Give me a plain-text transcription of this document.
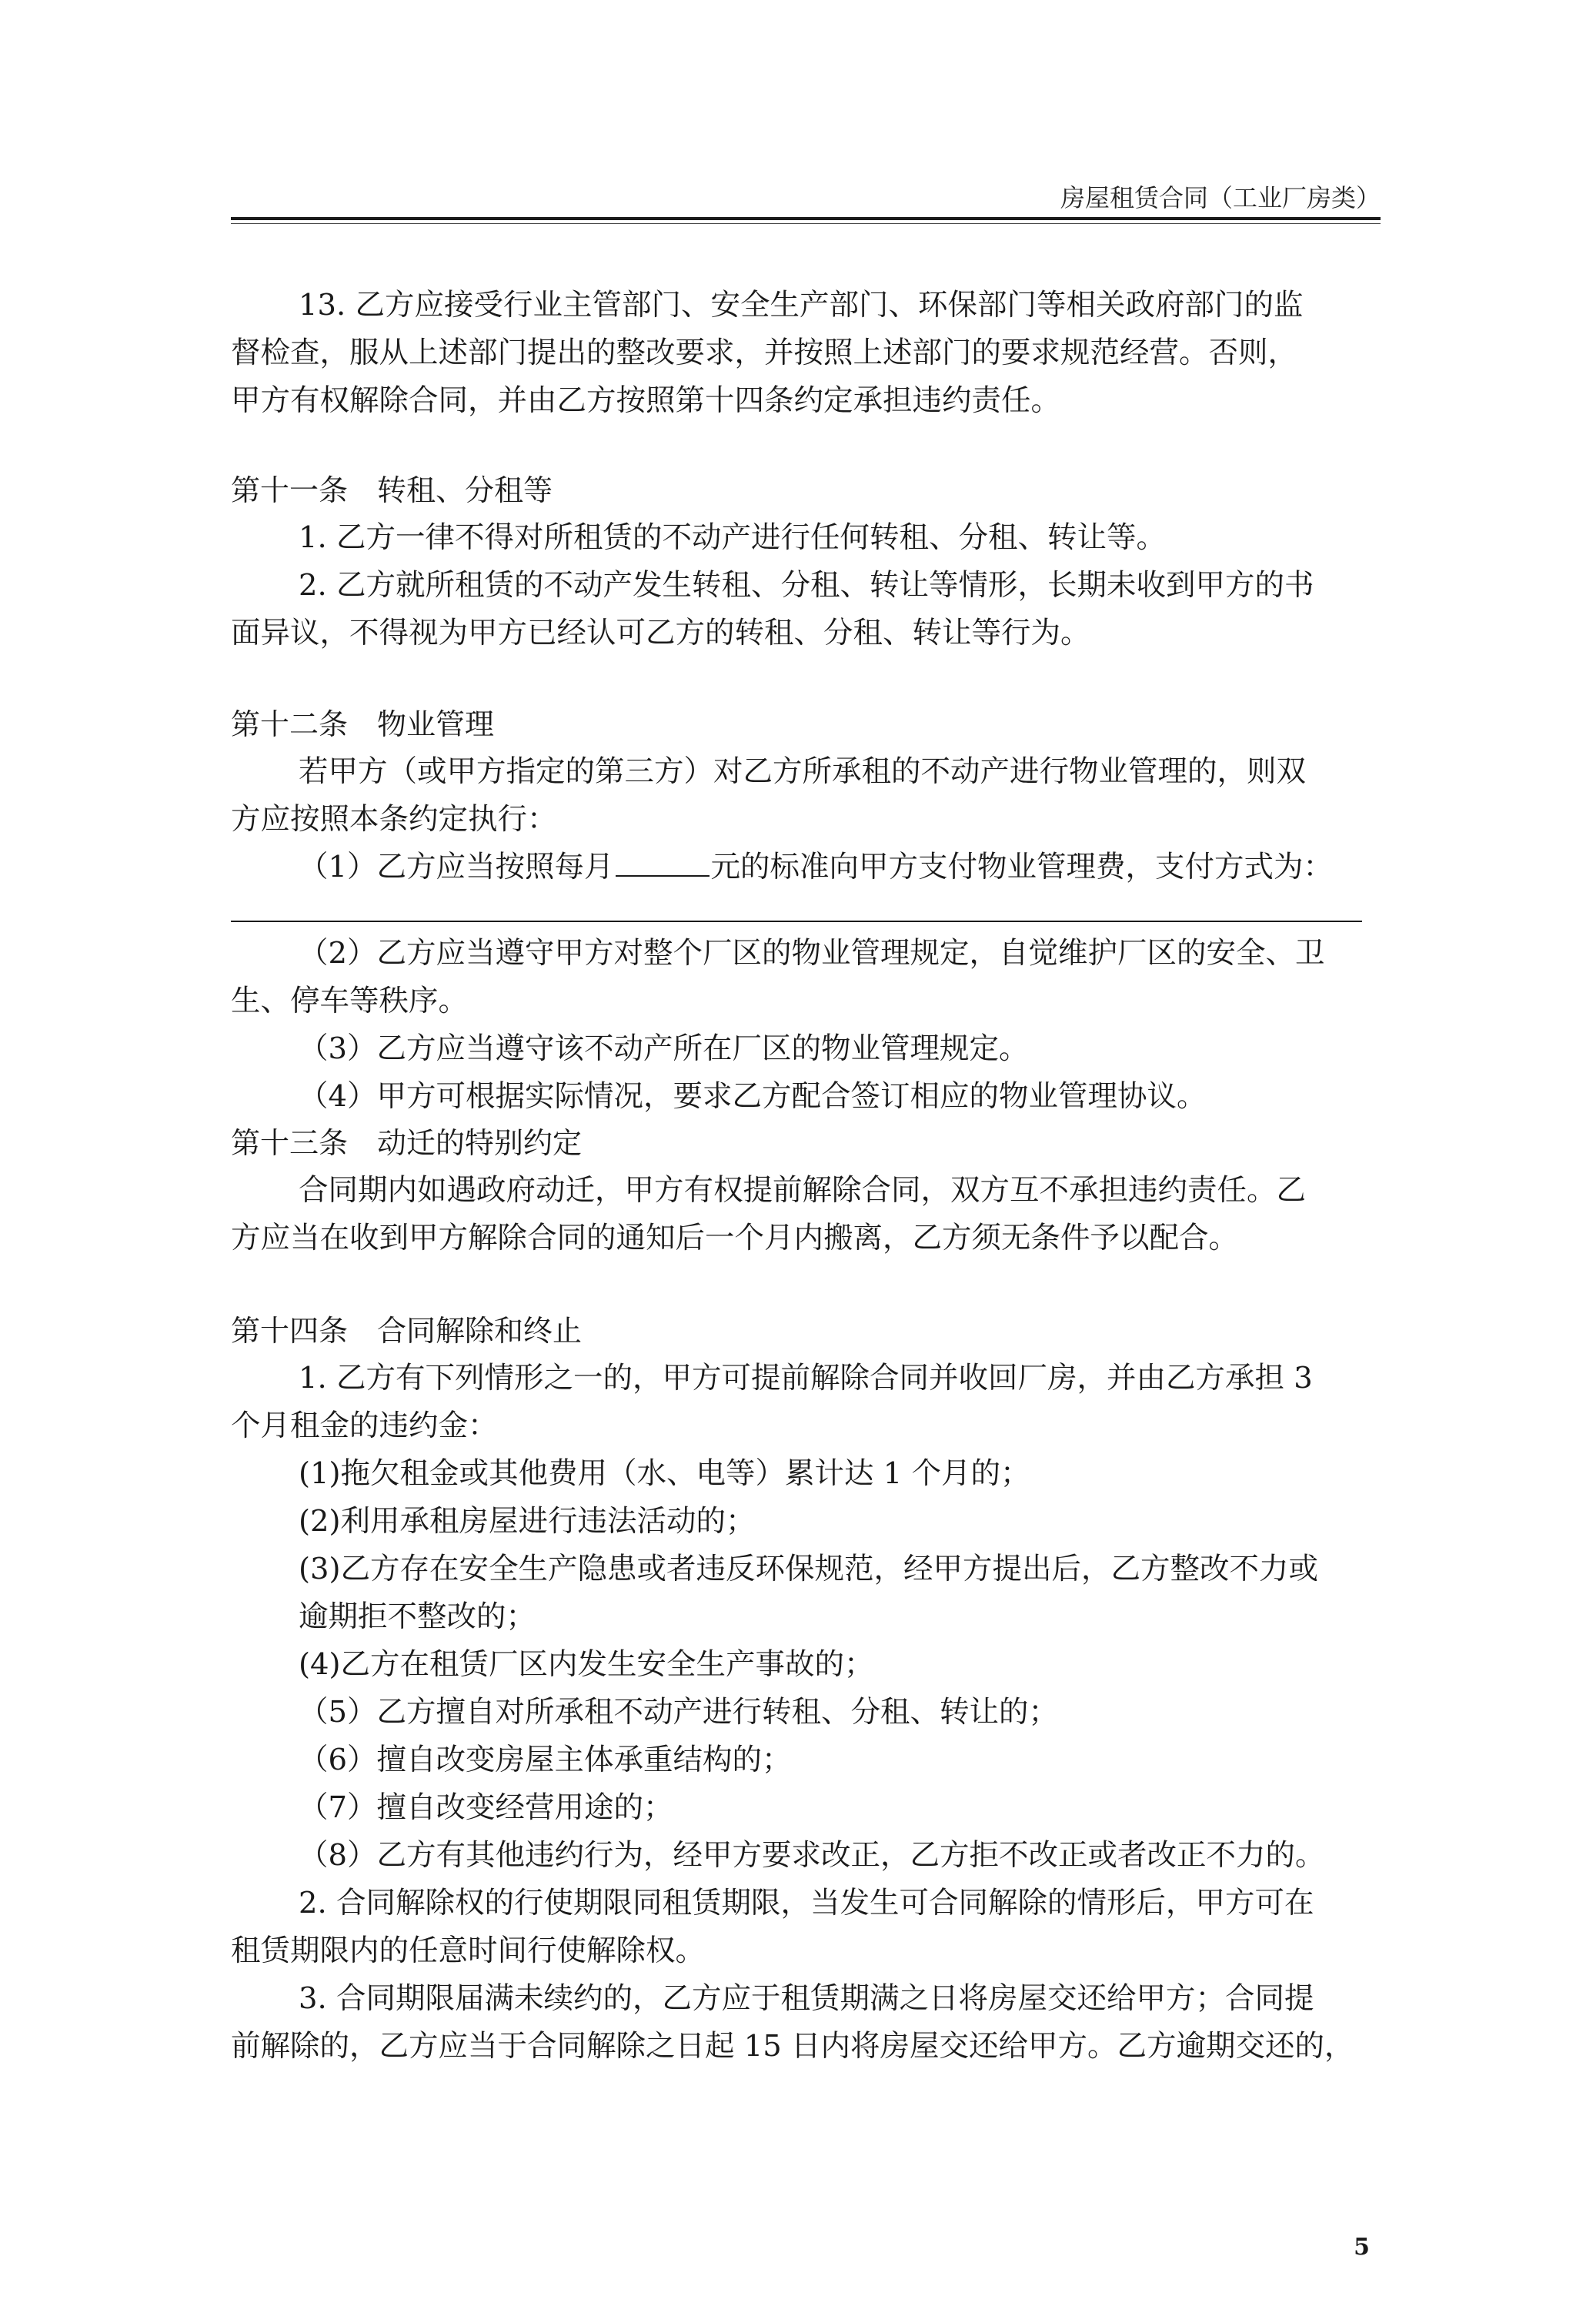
房屋租赁合同（工业厂房类）
13. 乙方应接受行业主管部门、安全生产部门、环保部门等相关政府部门的监
督检查，服从上述部门提出的整改要求，并按照上述部门的要求规范经营。否则，
甲方有权解除合同，并由乙方按照第十四条约定承担违约责任。
第十一条　转租、分租等
1. 乙方一律不得对所租赁的不动产进行任何转租、分租、转让等。
2. 乙方就所租赁的不动产发生转租、分租、转让等情形，长期未收到甲方的书
面异议，不得视为甲方已经认可乙方的转租、分租、转让等行为。
第十二条　物业管理
若甲方（或甲方指定的第三方）对乙方所承租的不动产进行物业管理的，则双
方应按照本条约定执行：
（1）乙方应当按照每月	元的标准向甲方支付物业管理费，支付方式为：
（2）乙方应当遵守甲方对整个厂区的物业管理规定，自觉维护厂区的安全、卫
生、停车等秩序。
（3）乙方应当遵守该不动产所在厂区的物业管理规定。
（4）甲方可根据实际情况，要求乙方配合签订相应的物业管理协议。
第十三条　动迁的特别约定
合同期内如遇政府动迁，甲方有权提前解除合同，双方互不承担违约责任。乙
方应当在收到甲方解除合同的通知后一个月内搬离，乙方须无条件予以配合。
第十四条　合同解除和终止
1. 乙方有下列情形之一的，甲方可提前解除合同并收回厂房，并由乙方承担 3
个月租金的违约金：
(1)拖欠租金或其他费用（水、电等）累计达 1 个月的；
(2)利用承租房屋进行违法活动的；
(3)乙方存在安全生产隐患或者违反环保规范，经甲方提出后，乙方整改不力或
逾期拒不整改的；
(4)乙方在租赁厂区内发生安全生产事故的；
（5）乙方擅自对所承租不动产进行转租、分租、转让的；
（6）擅自改变房屋主体承重结构的；
（7）擅自改变经营用途的；
（8）乙方有其他违约行为，经甲方要求改正，乙方拒不改正或者改正不力的。
2. 合同解除权的行使期限同租赁期限，当发生可合同解除的情形后，甲方可在
租赁期限内的任意时间行使解除权。
3. 合同期限届满未续约的，乙方应于租赁期满之日将房屋交还给甲方；合同提
前解除的，乙方应当于合同解除之日起 15 日内将房屋交还给甲方。乙方逾期交还的，
5
